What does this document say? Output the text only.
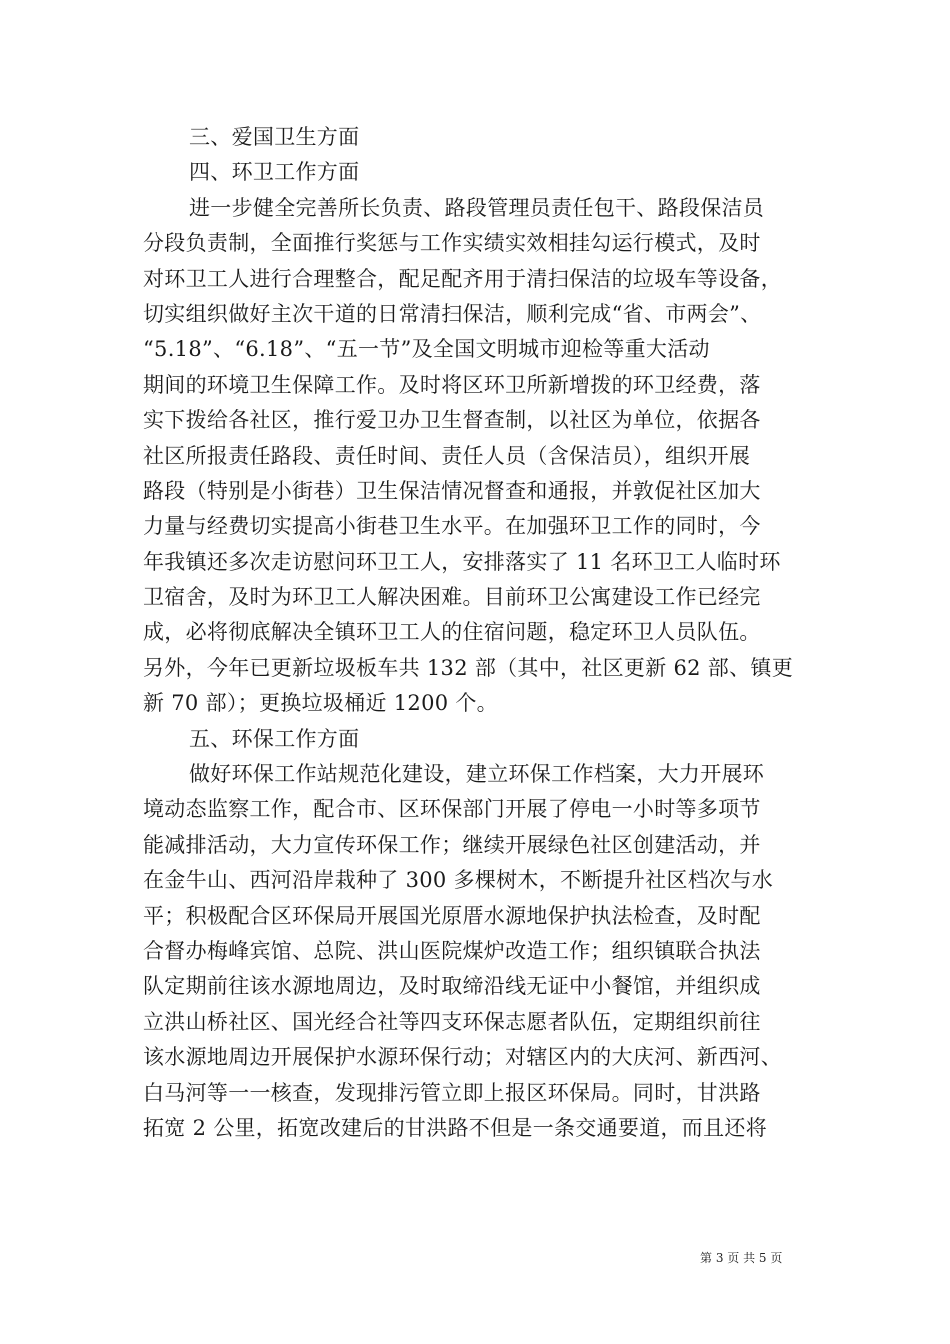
三、爱国卫生方面
四、环卫工作方面
进一步健全完善所长负责、路段管理员责任包干、路段保洁员
分段负责制，全面推行奖惩与工作实绩实效相挂勾运行模式，及时
对环卫工人进行合理整合，配足配齐用于清扫保洁的垃圾车等设备，
切实组织做好主次干道的日常清扫保洁，顺利完成“省、市两会”、
“5.18”、“6.18”、“五一节”及全国文明城市迎检等重大活动
期间的环境卫生保障工作。及时将区环卫所新增拨的环卫经费，落
实下拨给各社区，推行爱卫办卫生督查制，以社区为单位，依据各
社区所报责任路段、责任时间、责任人员（含保洁员），组织开展
路段（特别是小街巷）卫生保洁情况督查和通报，并敦促社区加大
力量与经费切实提高小街巷卫生水平。在加强环卫工作的同时，今
年我镇还多次走访慰问环卫工人，安排落实了 11 名环卫工人临时环
卫宿舍，及时为环卫工人解决困难。目前环卫公寓建设工作已经完
成，必将彻底解决全镇环卫工人的住宿问题，稳定环卫人员队伍。
另外，今年已更新垃圾板车共 132 部（其中，社区更新 62 部、镇更
新 70 部）；更换垃圾桶近 1200 个。
五、环保工作方面
做好环保工作站规范化建设，建立环保工作档案，大力开展环
境动态监察工作，配合市、区环保部门开展了停电一小时等多项节
能减排活动，大力宣传环保工作；继续开展绿色社区创建活动，并
在金牛山、西河沿岸栽种了 300 多棵树木，不断提升社区档次与水
平；积极配合区环保局开展国光原厝水源地保护执法检查，及时配
合督办梅峰宾馆、总院、洪山医院煤炉改造工作；组织镇联合执法
队定期前往该水源地周边，及时取缔沿线无证中小餐馆，并组织成
立洪山桥社区、国光经合社等四支环保志愿者队伍，定期组织前往
该水源地周边开展保护水源环保行动；对辖区内的大庆河、新西河、
白马河等一一核查，发现排污管立即上报区环保局。同时，甘洪路
拓宽 2 公里，拓宽改建后的甘洪路不但是一条交通要道，而且还将
第 3 页 共 5 页
